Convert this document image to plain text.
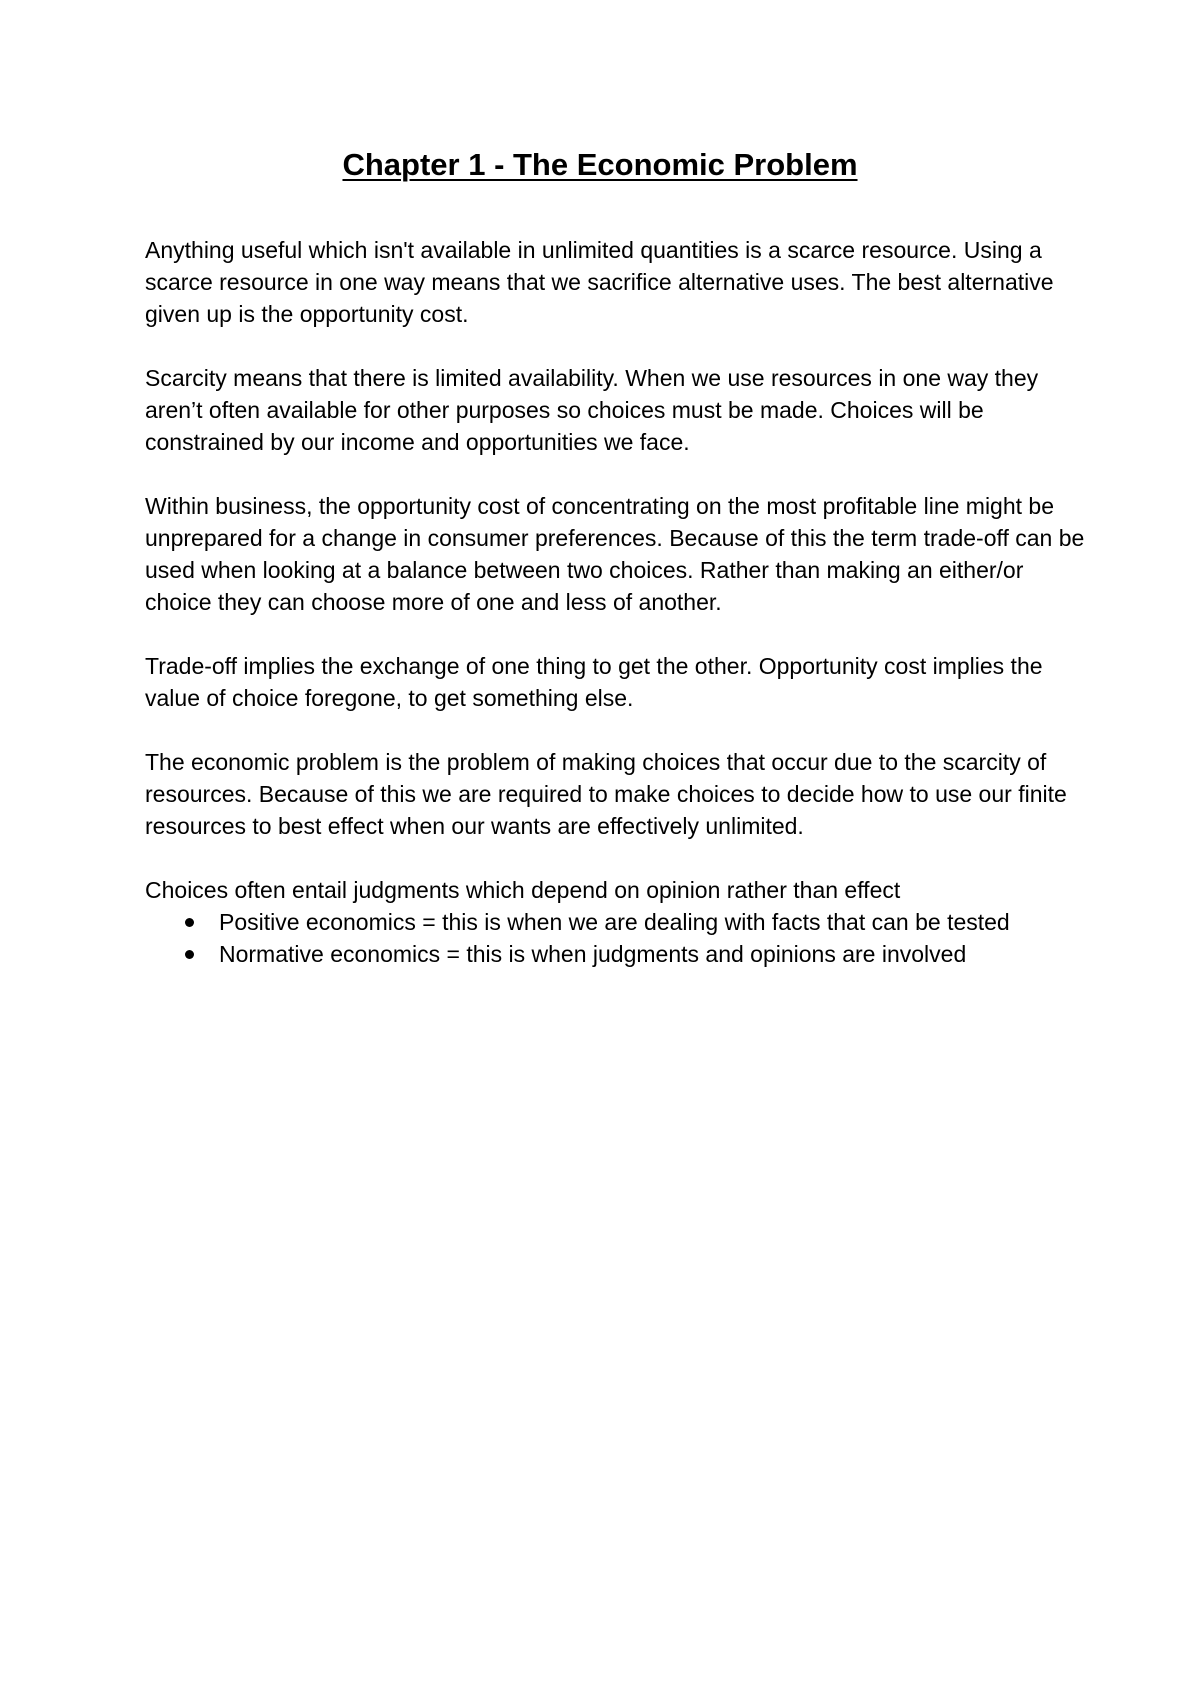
Chapter 1 - The Economic Problem

Anything useful which isn't available in unlimited quantities is a scarce resource. Using a scarce resource in one way means that we sacrifice alternative uses. The best alternative given up is the opportunity cost.

Scarcity means that there is limited availability. When we use resources in one way they aren’t often available for other purposes so choices must be made. Choices will be constrained by our income and opportunities we face.

Within business, the opportunity cost of concentrating on the most profitable line might be unprepared for a change in consumer preferences. Because of this the term trade-off can be used when looking at a balance between two choices. Rather than making an either/or choice they can choose more of one and less of another.

Trade-off implies the exchange of one thing to get the other. Opportunity cost implies the value of choice foregone, to get something else.

The economic problem is the problem of making choices that occur due to the scarcity of resources. Because of this we are required to make choices to decide how to use our finite resources to best effect when our wants are effectively unlimited.

Choices often entail judgments which depend on opinion rather than effect

Positive economics = this is when we are dealing with facts that can be tested
Normative economics = this is when judgments and opinions are involved
